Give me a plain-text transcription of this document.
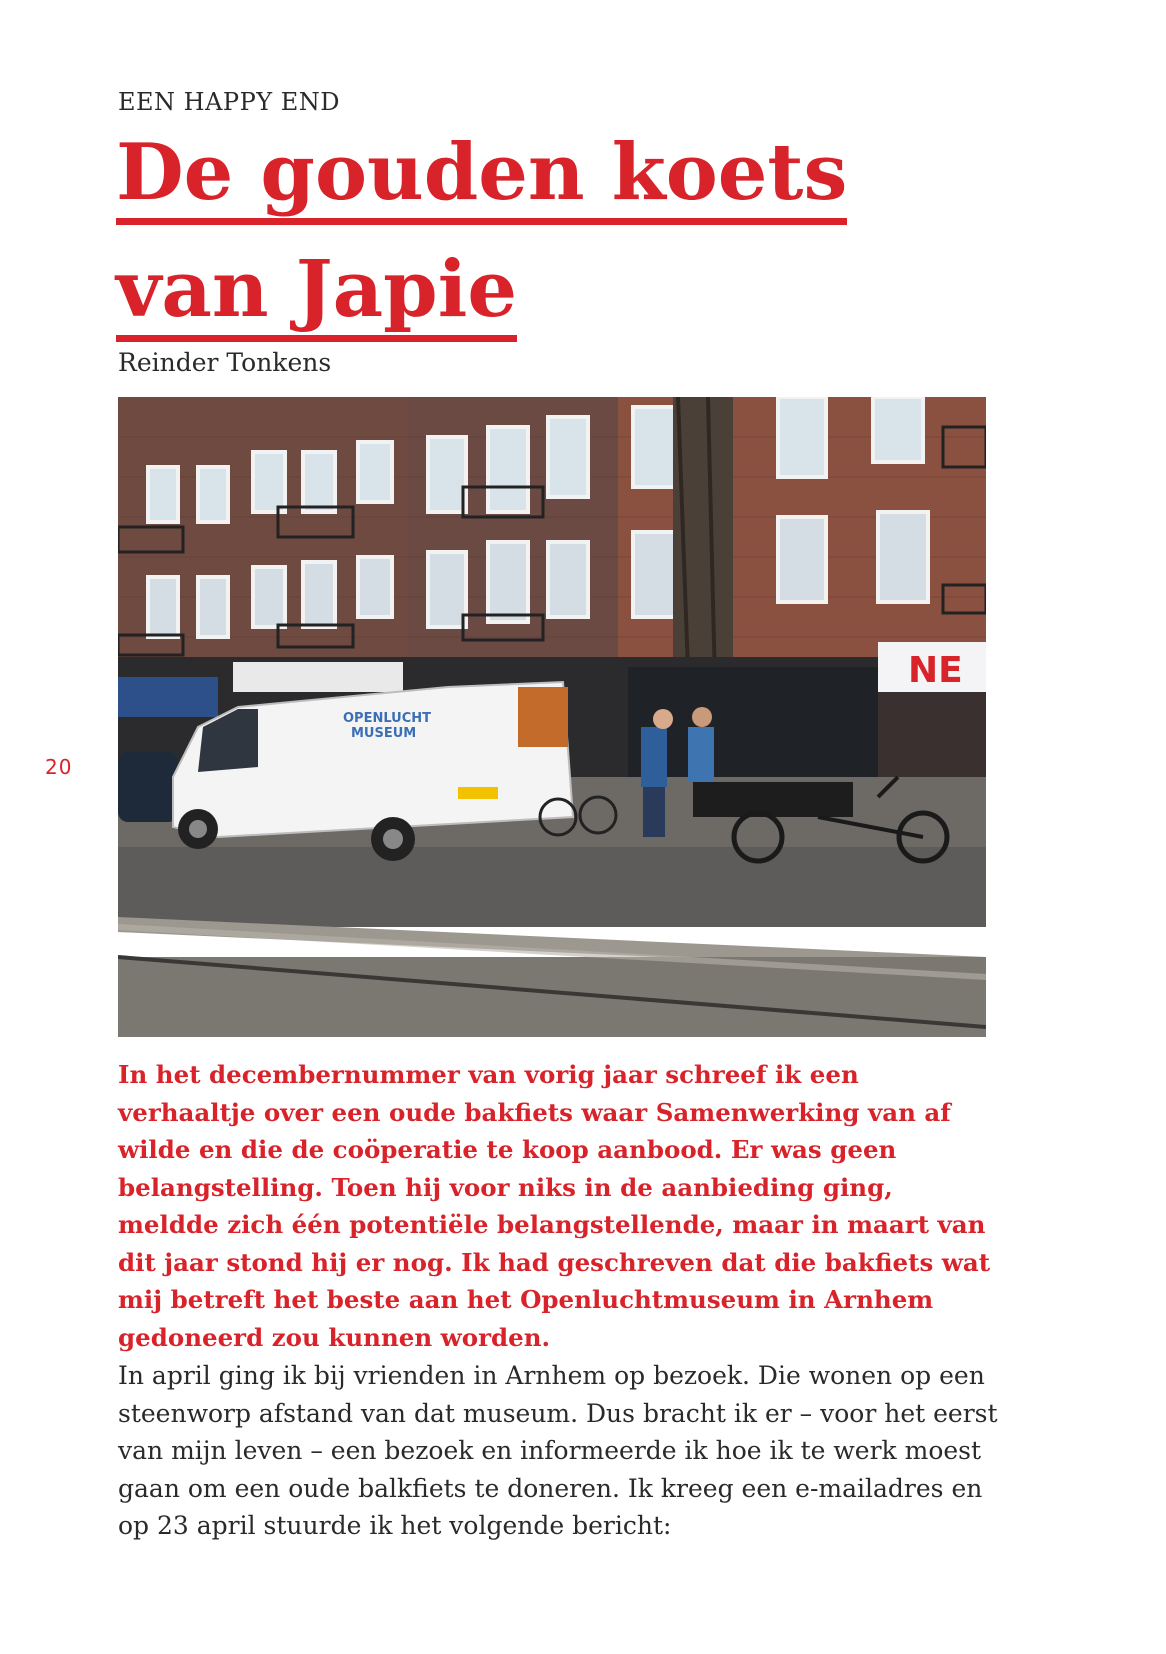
EEN HAPPY END
De gouden koets
van Japie
Reinder Tonkens
20
NE
OPENLUCHT
MUSEUM

In het decembernummer van vorig jaar schreef ik een verhaaltje over een oude bakfiets waar Samenwerking van af wilde en die de coöperatie te koop aanbood. Er was geen belangstelling. Toen hij voor niks in de aanbieding ging, meldde zich één potentiële belangstellende, maar in maart van dit jaar stond hij er nog. Ik had geschreven dat die bakfiets wat mij betreft het beste aan het Openluchtmuseum in Arnhem gedoneerd zou kunnen worden.

In april ging ik bij vrienden in Arnhem op bezoek. Die wonen op een steenworp afstand van dat museum. Dus bracht ik er – voor het eerst van mijn leven – een bezoek en informeerde ik hoe ik te werk moest gaan om een oude balkfiets te doneren. Ik kreeg een e-mailadres en op 23 april stuurde ik het volgende bericht:
